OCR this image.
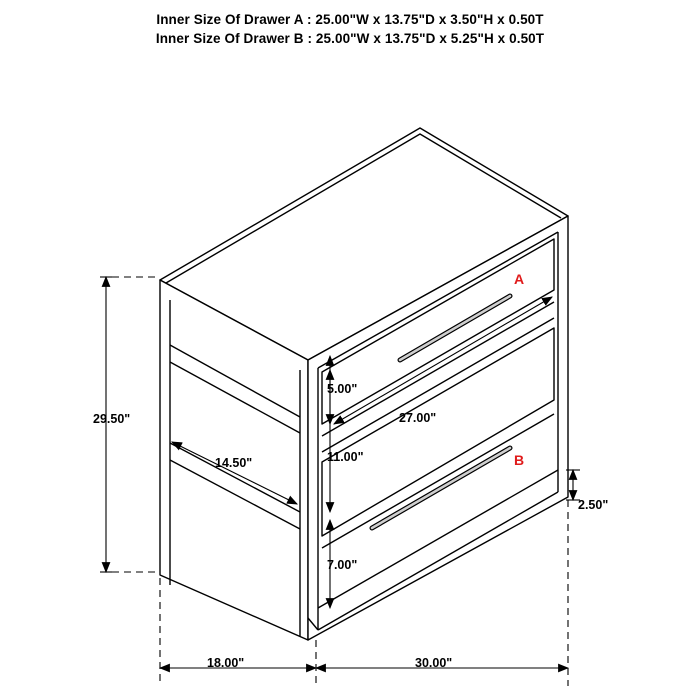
Inner Size Of Drawer A : 25.00"W x 13.75"D x 3.50"H x 0.50T
Inner Size Of Drawer B : 25.00"W x 13.75"D x 5.25"H x 0.50T
29.50"
14.50"
5.00"
11.00"
7.00"
27.00"
2.50"
18.00"	30.00"
A
B
